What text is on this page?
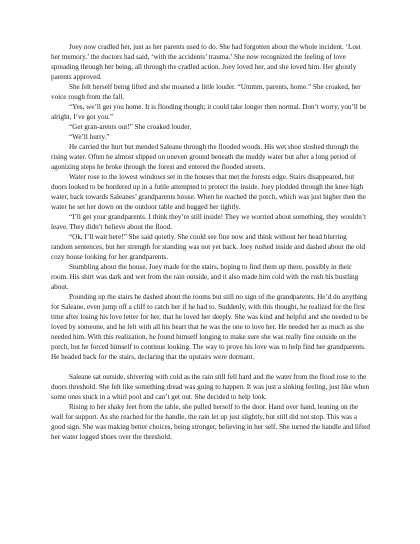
Joey now cradled her, just as her parents used to do. She had forgotten about the whole incident. ‘Lost her memory,’ the doctors had said, ‘with the accidents’ trauma.’ She now recognized the feeling of love spreading through her being, all through the cradled action. Joey loved her, and she loved him. Her ghostly parents approved.

She felt herself being lifted and she moaned a little louder. “Ummm, parents, home.” She croaked, her voice rough from the fall.

“Yes, we’ll get you home. It is flooding though; it could take longer then normal. Don’t worry, you’ll be alright, I’ve got you.”

“Get gran-arents out!” She croaked louder.

“We’ll hurry.”

He carried the hurt but mended Saleane through the flooded woods. His wet shoe sloshed through the rising water. Often he almost slipped on uneven ground beneath the muddy water but after a long period of agonizing steps he broke through the forest and entered the flooded streets.

Water rose to the lowest windows set in the houses that met the forests edge. Stairs disappeared, but doors looked to be bordered up in a futile attempted to protect the inside. Joey plodded through the knee high water, back towards Saleanes’ grandparents house. When he reached the porch, which was just higher then the water he set her down on the outdoor table and hugged her tightly.

“I’ll get your grandparents. I think they’re still inside! They we worried about something, they wouldn’t leave. They didn’t believe about the flood.

“Ok, I’ll wait here!” She said quietly. She could see fine now and think without her head blurring random sentences, but her strength for standing was not yet back. Joey rushed inside and dashed about the old cozy house looking for her grandparents.

Stumbling about the house, Joey made for the stairs, hoping to find them up there, possibly in their room. His shirt was dark and wet from the rain outside, and it also made him cold with the rush his bustling about.

Pounding up the stairs he dashed about the rooms but still no sign of the grandparents. He’d do anything for Saleane, even jump off a cliff to catch her if he had to. Suddenly, with this thought, he realized for the first time after losing his love letter for her, that he loved her deeply. She was kind and helpful and she needed to be loved by someone, and he felt with all his heart that he was the one to love her. He needed her as much as she needed him. With this realization, he found himself longing to make sure she was really fine outside on the porch, but he forced himself to continue looking. The way to prove his love was to help find her grandparents. He headed back for the stairs, declaring that the upstairs were dormant.

Saleane sat outside, shivering with cold as the rain still fell hard and the water from the flood rose to the doors threshold. She felt like something dread was going to happen. It was just a sinking feeling, just like when some ones stuck in a whirl pool and can’t get out. She decided to help look.

Rising to her shaky feet from the table, she pulled herself to the door. Hand over hand, leaning on the wall for support. As she reached for the handle, the rain let up just slightly, but still did not stop. This was a good sign. She was making better choices, being stronger, believing in her self. She turned the handle and lifted her water logged shoes over the threshold.
